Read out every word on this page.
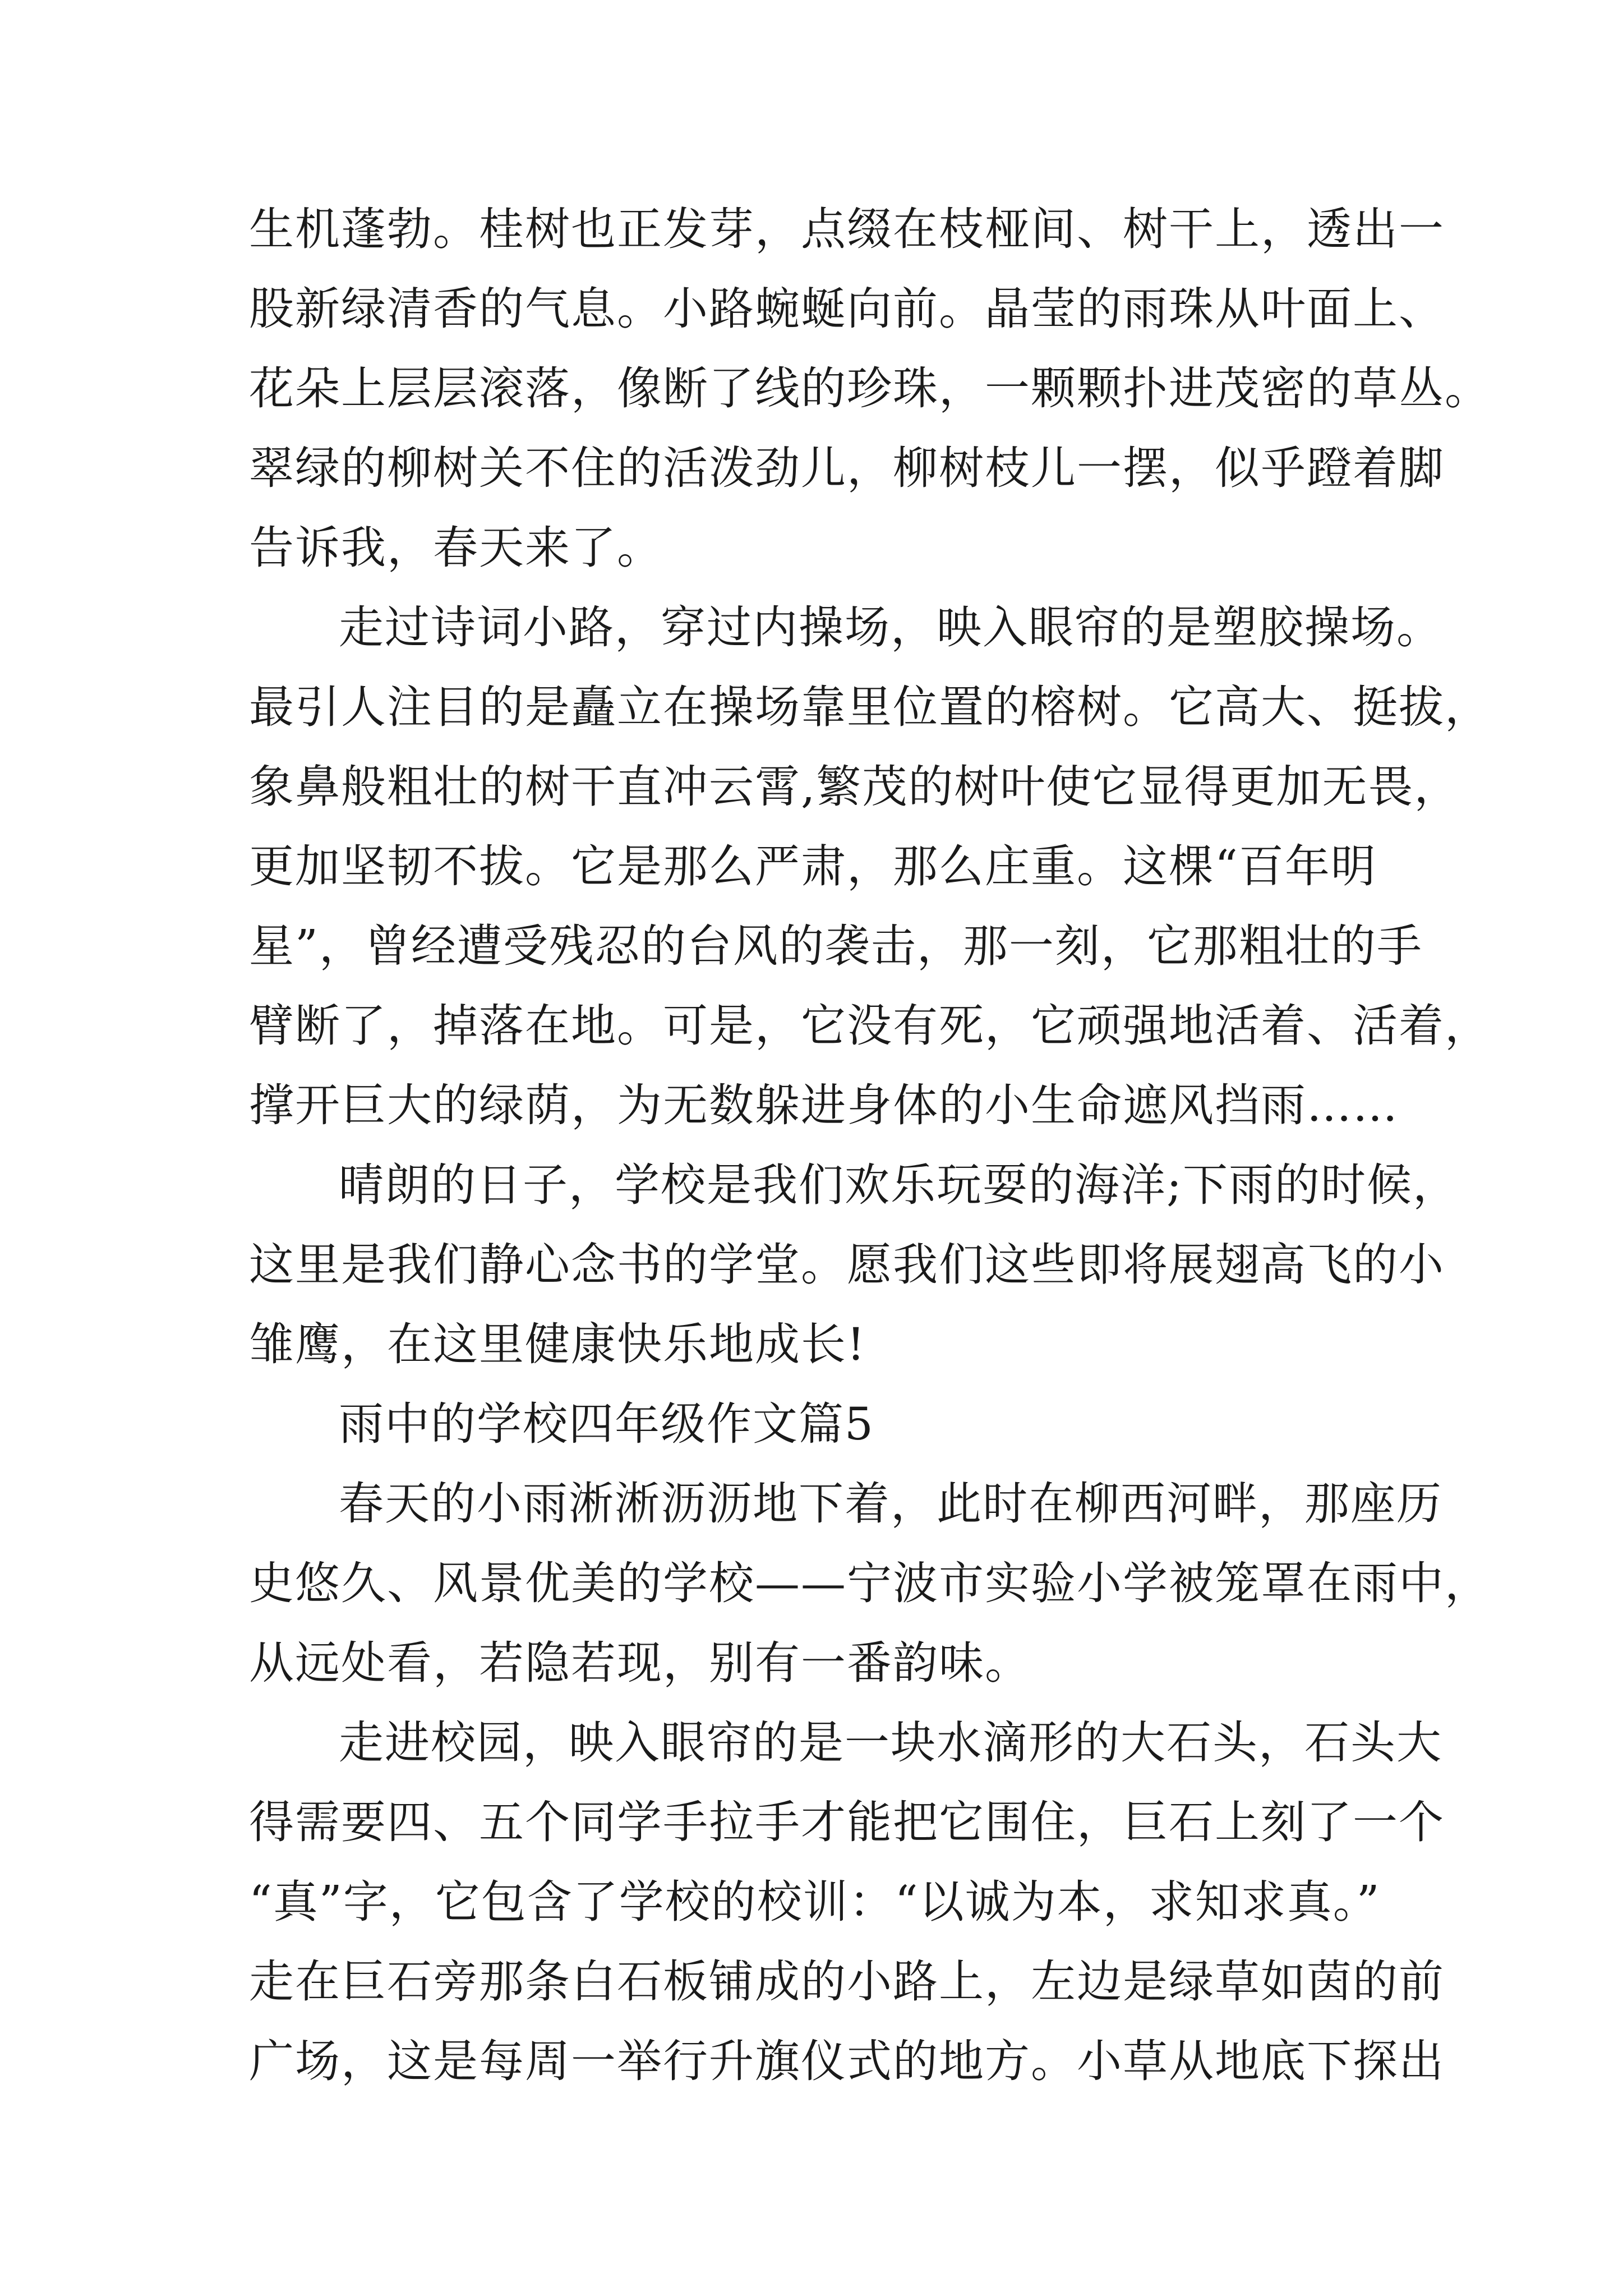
生机蓬勃。桂树也正发芽，点缀在枝桠间、树干上，透出一
股新绿清香的气息。小路蜿蜒向前。晶莹的雨珠从叶面上、
花朵上层层滚落，像断了线的珍珠，一颗颗扑进茂密的草丛。
翠绿的柳树关不住的活泼劲儿，柳树枝儿一摆，似乎蹬着脚
告诉我，春天来了。

走过诗词小路，穿过内操场，映入眼帘的是塑胶操场。
最引人注目的是矗立在操场靠里位置的榕树。它高大、挺拔，
象鼻般粗壮的树干直冲云霄,繁茂的树叶使它显得更加无畏，
更加坚韧不拔。它是那么严肃，那么庄重。这棵“百年明
星”，曾经遭受残忍的台风的袭击，那一刻，它那粗壮的手
臂断了，掉落在地。可是，它没有死，它顽强地活着、活着，
撑开巨大的绿荫，为无数躲进身体的小生命遮风挡雨……

晴朗的日子，学校是我们欢乐玩耍的海洋;下雨的时候，
这里是我们静心念书的学堂。愿我们这些即将展翅高飞的小
雏鹰，在这里健康快乐地成长!

雨中的学校四年级作文篇5

春天的小雨淅淅沥沥地下着，此时在柳西河畔，那座历
史悠久、风景优美的学校——宁波市实验小学被笼罩在雨中，
从远处看，若隐若现，别有一番韵味。

走进校园，映入眼帘的是一块水滴形的大石头，石头大
得需要四、五个同学手拉手才能把它围住，巨石上刻了一个
“真”字，它包含了学校的校训：“以诚为本，求知求真。”
走在巨石旁那条白石板铺成的小路上，左边是绿草如茵的前
广场，这是每周一举行升旗仪式的地方。小草从地底下探出
